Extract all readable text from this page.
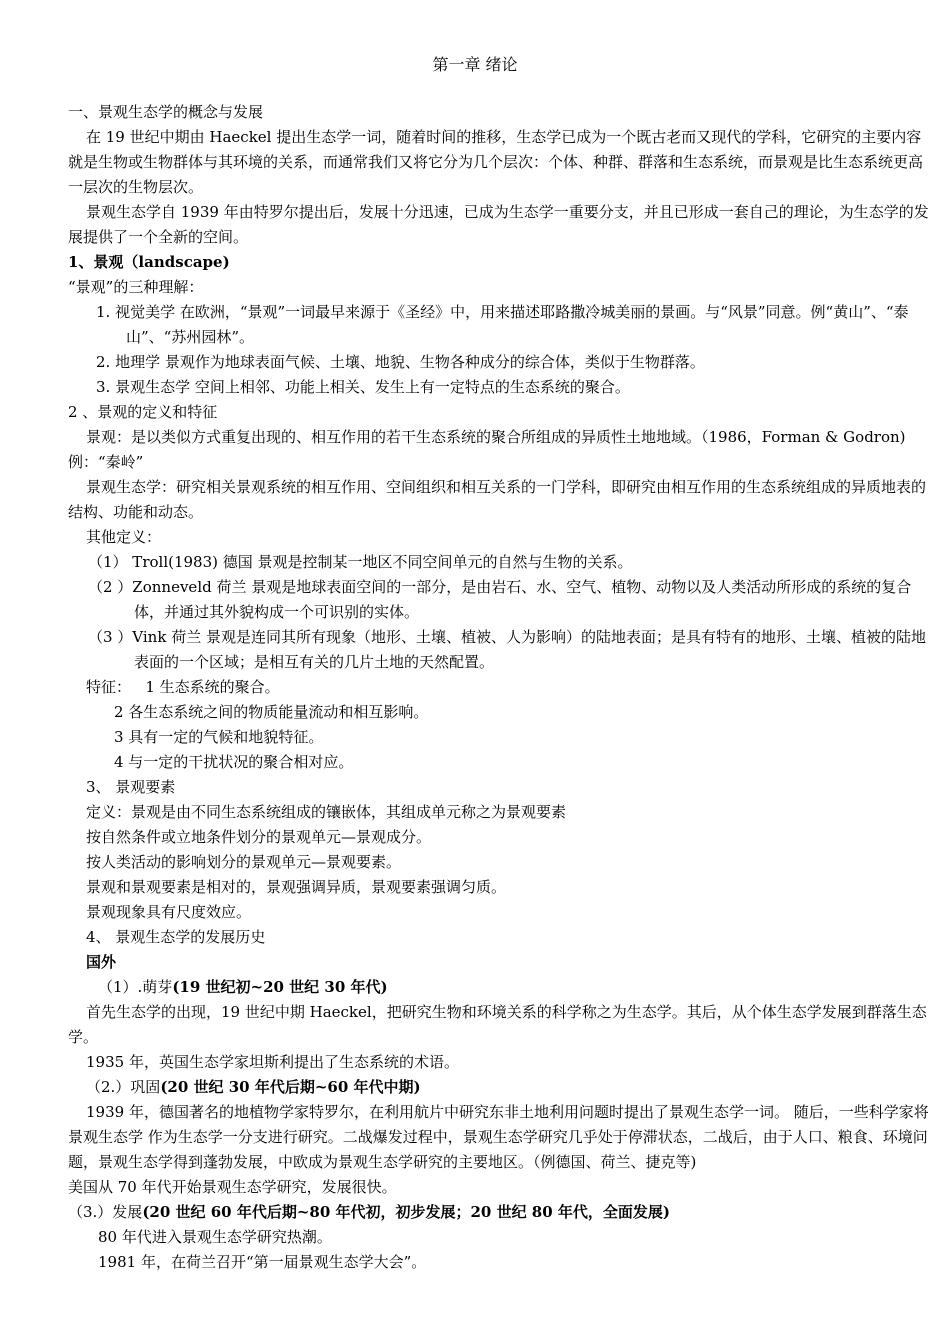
第一章 绪论

一、景观生态学的概念与发展

在 19 世纪中期由 Haeckel 提出生态学一词，随着时间的推移，生态学已成为一个既古老而又现代的学科，它研究的主要内容就是生物或生物群体与其环境的关系，而通常我们又将它分为几个层次：个体、种群、群落和生态系统，而景观是比生态系统更高一层次的生物层次。

景观生态学自 1939 年由特罗尔提出后，发展十分迅速，已成为生态学一重要分支，并且已形成一套自己的理论，为生态学的发展提供了一个全新的空间。

1、景观（landscape)

“景观”的三种理解：

1. 视觉美学 在欧洲，“景观”一词最早来源于《圣经》中，用来描述耶路撒冷城美丽的景画。与“风景”同意。例“黄山”、“泰山”、“苏州园林”。

2. 地理学 景观作为地球表面气候、土壤、地貌、生物各种成分的综合体，类似于生物群落。

3. 景观生态学 空间上相邻、功能上相关、发生上有一定特点的生态系统的聚合。

2 、景观的定义和特征

景观：是以类似方式重复出现的、相互作用的若干生态系统的聚合所组成的异质性土地地域。（1986，Forman & Godron) 例：“秦岭”

景观生态学：研究相关景观系统的相互作用、空间组织和相互关系的一门学科，即研究由相互作用的生态系统组成的异质地表的结构、功能和动态。

其他定义：

（1） Troll(1983) 德国 景观是控制某一地区不同空间单元的自然与生物的关系。

（2 ）Zonneveld 荷兰 景观是地球表面空间的一部分，是由岩石、水、空气、植物、动物以及人类活动所形成的系统的复合体，并通过其外貌构成一个可识别的实体。

（3 ）Vink 荷兰 景观是连同其所有现象（地形、土壤、植被、人为影响）的陆地表面；是具有特有的地形、土壤、植被的陆地表面的一个区域；是相互有关的几片土地的天然配置。

特征： 1 生态系统的聚合。

2 各生态系统之间的物质能量流动和相互影响。

3 具有一定的气候和地貌特征。

4 与一定的干扰状况的聚合相对应。

3、 景观要素

定义：景观是由不同生态系统组成的镶嵌体，其组成单元称之为景观要素

按自然条件或立地条件划分的景观单元—景观成分。

按人类活动的影响划分的景观单元—景观要素。

景观和景观要素是相对的，景观强调异质，景观要素强调匀质。

景观现象具有尺度效应。

4、 景观生态学的发展历史

国外

（1）.萌芽(19 世纪初~20 世纪 30 年代)

首先生态学的出现，19 世纪中期 Haeckel，把研究生物和环境关系的科学称之为生态学。其后，从个体生态学发展到群落生态学。

1935 年，英国生态学家坦斯利提出了生态系统的术语。

（2.）巩固(20 世纪 30 年代后期~60 年代中期)

1939 年，德国著名的地植物学家特罗尔，在利用航片中研究东非土地利用问题时提出了景观生态学一词。 随后，一些科学家将景观生态学 作为生态学一分支进行研究。二战爆发过程中，景观生态学研究几乎处于停滞状态，二战后，由于人口、粮食、环境问题，景观生态学得到蓬勃发展，中欧成为景观生态学研究的主要地区。（例德国、荷兰、捷克等)

美国从 70 年代开始景观生态学研究，发展很快。

（3.）发展(20 世纪 60 年代后期~80 年代初，初步发展；20 世纪 80 年代，全面发展)

80 年代进入景观生态学研究热潮。

1981 年，在荷兰召开“第一届景观生态学大会”。
